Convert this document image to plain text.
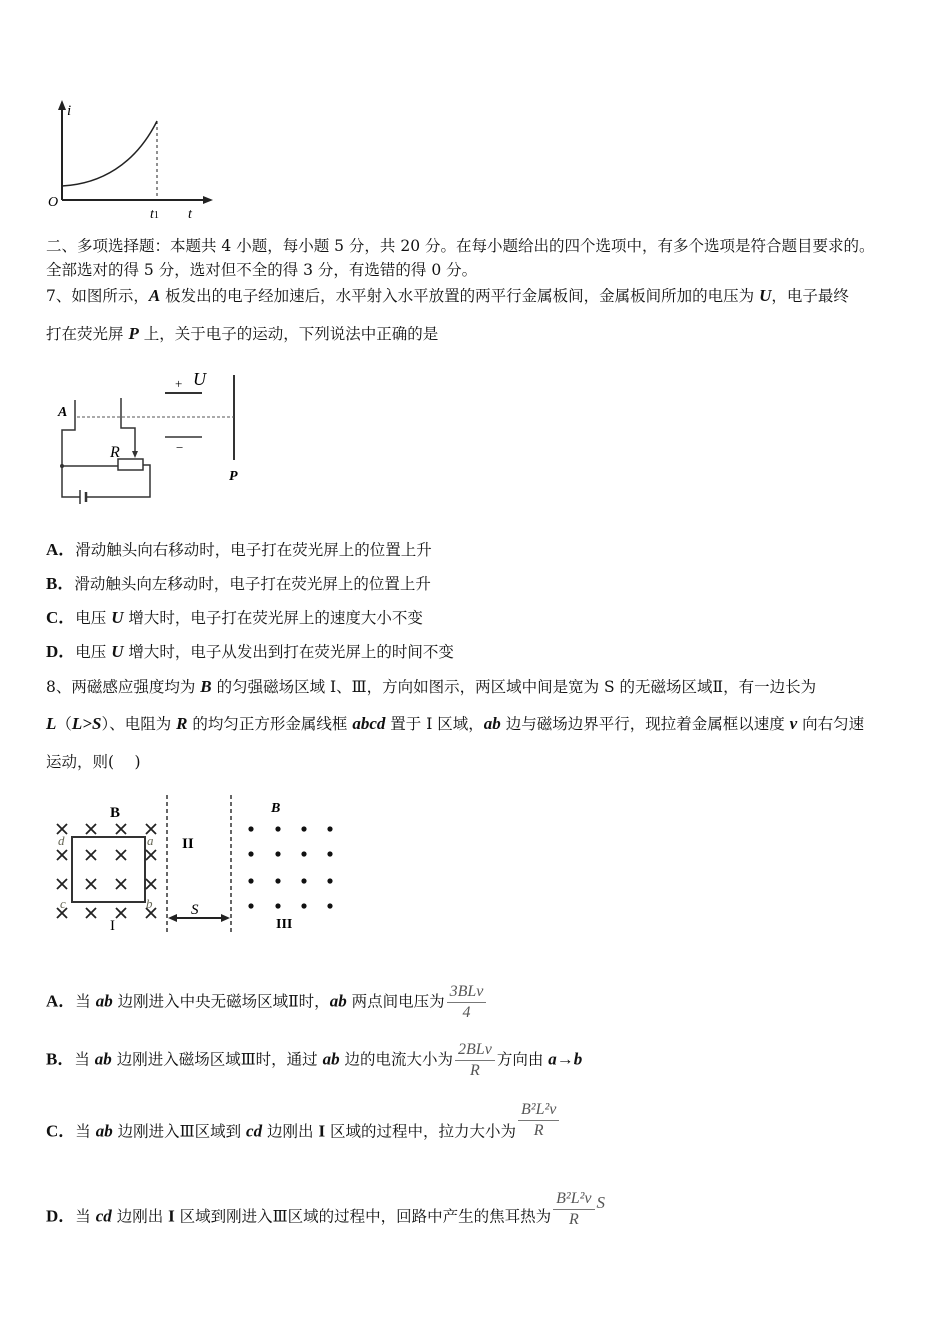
i
O
t1 t
二、多项选择题：本题共 4 小题，每小题 5 分，共 20 分。在每小题给出的四个选项中，有多个选项是符合题目要求的。
全部选对的得 5 分，选对但不全的得 3 分，有选错的得 0 分。
7、如图所示，A 板发出的电子经加速后，水平射入水平放置的两平行金属板间，金属板间所加的电压为 U，电子最终
打在荧光屏 P 上，关于电子的运动，下列说法中正确的是
A
R
+ U
−
P
A．滑动触头向右移动时，电子打在荧光屏上的位置上升
B．滑动触头向左移动时，电子打在荧光屏上的位置上升
C．电压 U 增大时，电子打在荧光屏上的速度大小不变
D．电压 U 增大时，电子从发出到打在荧光屏上的时间不变
8、两磁感应强度均为 B 的匀强磁场区域 I、Ⅲ，方向如图示，两区域中间是宽为 S 的无磁场区域Ⅱ，有一边长为
L（L>S）、电阻为 R 的均匀正方形金属线框 abcd 置于 I 区域，ab 边与磁场边界平行，现拉着金属框以速度 v 向右匀速
运动，则(　 )
B	B
d	a
c	b
I
II
III
S
A．当 ab 边刚进入中央无磁场区域Ⅱ时，ab 两点间电压为 $\frac{\text{3BLv}}{4}$
B．当 ab 边刚进入磁场区域Ⅲ时，通过 ab 边的电流大小为 $\frac{\text{2BLv}}{R}$ 方向由 a→b
C．当 ab 边刚进入Ⅲ区域到 cd 边刚出 I 区域的过程中，拉力大小为 $\frac{\text{B²L²v}}{R}$
D．当 cd 边刚出 I 区域到刚进入Ⅲ区域的过程中，回路中产生的焦耳热为 $\frac{\text{B²L²v}}{R}$ S
